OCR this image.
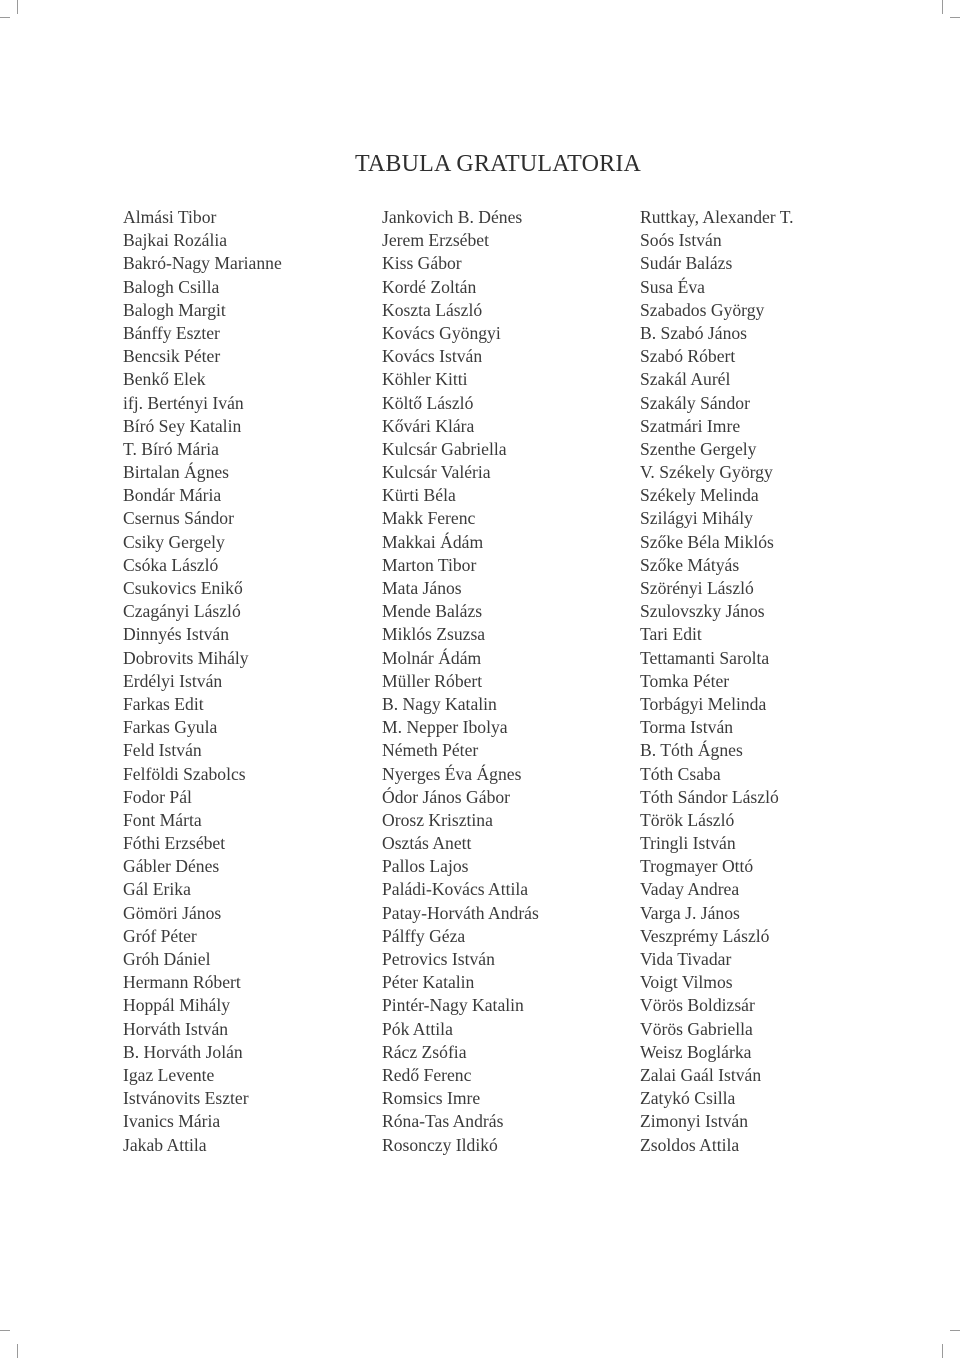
TABULA GRATULATORIA
Almási Tibor
Bajkai Rozália
Bakró-Nagy Marianne
Balogh Csilla
Balogh Margit
Bánffy Eszter
Bencsik Péter
Benkő Elek
ifj. Bertényi Iván
Bíró Sey Katalin
T. Bíró Mária
Birtalan Ágnes
Bondár Mária
Csernus Sándor
Csiky Gergely
Csóka László
Csukovics Enikő
Czagányi László
Dinnyés István
Dobrovits Mihály
Erdélyi István
Farkas Edit
Farkas Gyula
Feld István
Felföldi Szabolcs
Fodor Pál
Font Márta
Fóthi Erzsébet
Gábler Dénes
Gál Erika
Gömöri János
Gróf Péter
Gróh Dániel
Hermann Róbert
Hoppál Mihály
Horváth István
B. Horváth Jolán
Igaz Levente
Istvánovits Eszter
Ivanics Mária
Jakab Attila
Jankovich B. Dénes
Jerem Erzsébet
Kiss Gábor
Kordé Zoltán
Koszta László
Kovács Gyöngyi
Kovács István
Köhler Kitti
Költő László
Kővári Klára
Kulcsár Gabriella
Kulcsár Valéria
Kürti Béla
Makk Ferenc
Makkai Ádám
Marton Tibor
Mata János
Mende Balázs
Miklós Zsuzsa
Molnár Ádám
Müller Róbert
B. Nagy Katalin
M. Nepper Ibolya
Németh Péter
Nyerges Éva Ágnes
Ódor János Gábor
Orosz Krisztina
Osztás Anett
Pallos Lajos
Paládi-Kovács Attila
Patay-Horváth András
Pálffy Géza
Petrovics István
Péter Katalin
Pintér-Nagy Katalin
Pók Attila
Rácz Zsófia
Redő Ferenc
Romsics Imre
Róna-Tas András
Rosonczy Ildikó
Ruttkay, Alexander T.
Soós István
Sudár Balázs
Susa Éva
Szabados György
B. Szabó János
Szabó Róbert
Szakál Aurél
Szakály Sándor
Szatmári Imre
Szenthe Gergely
V. Székely György
Székely Melinda
Szilágyi Mihály
Szőke Béla Miklós
Szőke Mátyás
Szörényi László
Szulovszky János
Tari Edit
Tettamanti Sarolta
Tomka Péter
Torbágyi Melinda
Torma István
B. Tóth Ágnes
Tóth Csaba
Tóth Sándor László
Török László
Tringli István
Trogmayer Ottó
Vaday Andrea
Varga J. János
Veszprémy László
Vida Tivadar
Voigt Vilmos
Vörös Boldizsár
Vörös Gabriella
Weisz Boglárka
Zalai Gaál István
Zatykó Csilla
Zimonyi István
Zsoldos Attila
